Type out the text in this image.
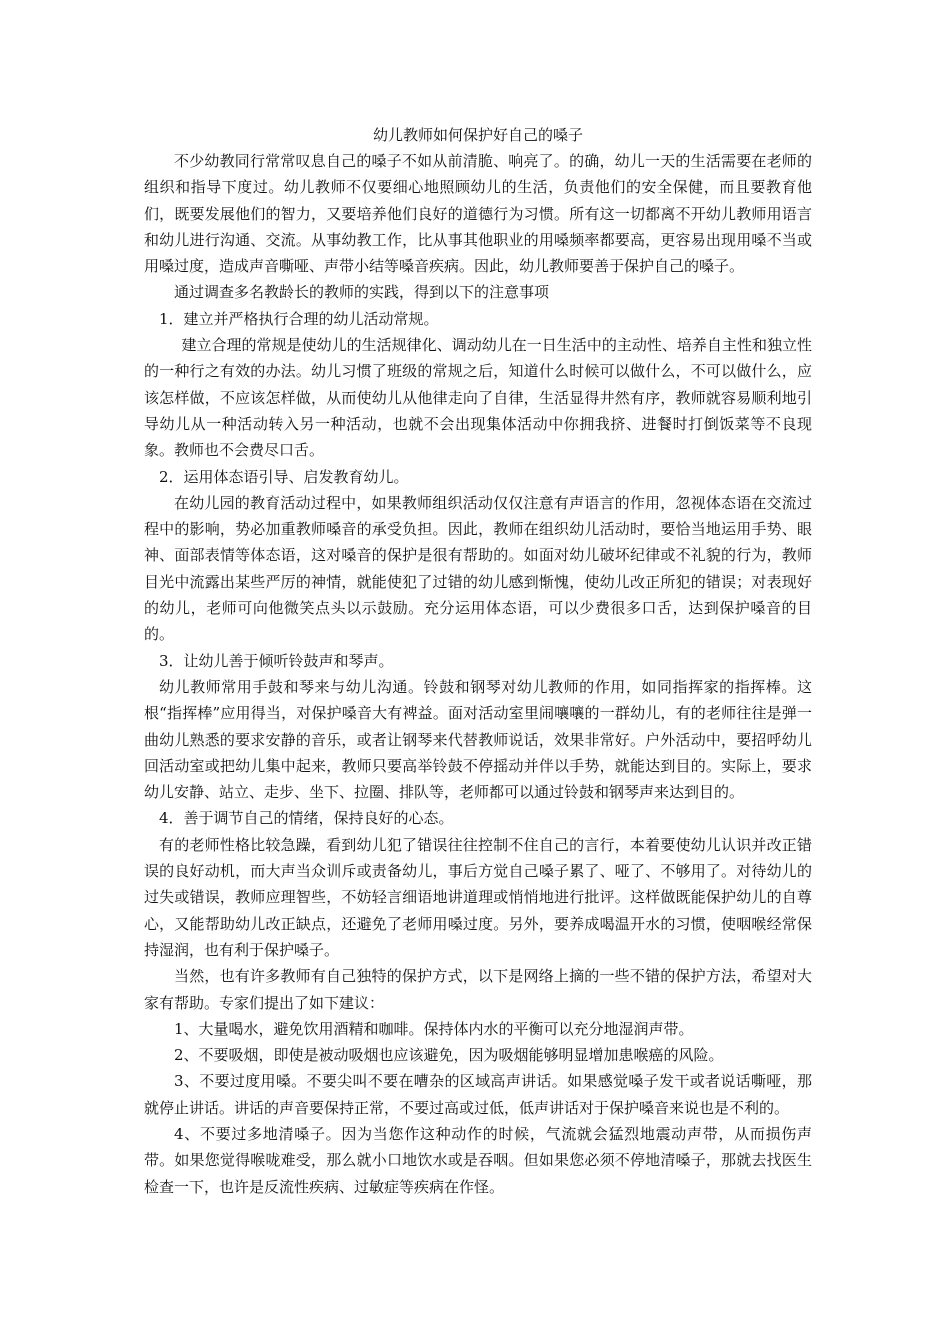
幼儿教师如何保护好自己的嗓子

不少幼教同行常常叹息自己的嗓子不如从前清脆、响亮了。的确，幼儿一天的生活需要在老师的组织和指导下度过。幼儿教师不仅要细心地照顾幼儿的生活，负责他们的安全保健，而且要教育他们，既要发展他们的智力，又要培养他们良好的道德行为习惯。所有这一切都离不开幼儿教师用语言和幼儿进行沟通、交流。从事幼教工作，比从事其他职业的用嗓频率都要高，更容易出现用嗓不当或用嗓过度，造成声音嘶哑、声带小结等嗓音疾病。因此，幼儿教师要善于保护自己的嗓子。

通过调查多名教龄长的教师的实践，得到以下的注意事项

1．建立并严格执行合理的幼儿活动常规。

建立合理的常规是使幼儿的生活规律化、调动幼儿在一日生活中的主动性、培养自主性和独立性的一种行之有效的办法。幼儿习惯了班级的常规之后，知道什么时候可以做什么，不可以做什么，应该怎样做，不应该怎样做，从而使幼儿从他律走向了自律，生活显得井然有序，教师就容易顺利地引导幼儿从一种活动转入另一种活动，也就不会出现集体活动中你拥我挤、进餐时打倒饭菜等不良现象。教师也不会费尽口舌。

2．运用体态语引导、启发教育幼儿。

在幼儿园的教育活动过程中，如果教师组织活动仅仅注意有声语言的作用，忽视体态语在交流过程中的影响，势必加重教师嗓音的承受负担。因此，教师在组织幼儿活动时，要恰当地运用手势、眼神、面部表情等体态语，这对嗓音的保护是很有帮助的。如面对幼儿破坏纪律或不礼貌的行为，教师目光中流露出某些严厉的神情，就能使犯了过错的幼儿感到惭愧，使幼儿改正所犯的错误；对表现好的幼儿，老师可向他微笑点头以示鼓励。充分运用体态语，可以少费很多口舌，达到保护嗓音的目的。

3．让幼儿善于倾听铃鼓声和琴声。

幼儿教师常用手鼓和琴来与幼儿沟通。铃鼓和钢琴对幼儿教师的作用，如同指挥家的指挥棒。这根“指挥棒”应用得当，对保护嗓音大有裨益。面对活动室里闹嚷嚷的一群幼儿，有的老师往往是弹一曲幼儿熟悉的要求安静的音乐，或者让钢琴来代替教师说话，效果非常好。户外活动中，要招呼幼儿回活动室或把幼儿集中起来，教师只要高举铃鼓不停摇动并伴以手势，就能达到目的。实际上，要求幼儿安静、站立、走步、坐下、拉圈、排队等，老师都可以通过铃鼓和钢琴声来达到目的。

4．善于调节自己的情绪，保持良好的心态。

有的老师性格比较急躁，看到幼儿犯了错误往往控制不住自己的言行，本着要使幼儿认识并改正错误的良好动机，而大声当众训斥或责备幼儿，事后方觉自己嗓子累了、哑了、不够用了。对待幼儿的过失或错误，教师应理智些，不妨轻言细语地讲道理或悄悄地进行批评。这样做既能保护幼儿的自尊心，又能帮助幼儿改正缺点，还避免了老师用嗓过度。另外，要养成喝温开水的习惯，使咽喉经常保持湿润，也有利于保护嗓子。

当然，也有许多教师有自己独特的保护方式，以下是网络上摘的一些不错的保护方法，希望对大家有帮助。专家们提出了如下建议：

1、大量喝水，避免饮用酒精和咖啡。保持体内水的平衡可以充分地湿润声带。

2、不要吸烟，即使是被动吸烟也应该避免，因为吸烟能够明显增加患喉癌的风险。

3、不要过度用嗓。不要尖叫不要在嘈杂的区域高声讲话。如果感觉嗓子发干或者说话嘶哑，那就停止讲话。讲话的声音要保持正常，不要过高或过低，低声讲话对于保护嗓音来说也是不利的。

4、不要过多地清嗓子。因为当您作这种动作的时候，气流就会猛烈地震动声带，从而损伤声带。如果您觉得喉咙难受，那么就小口地饮水或是吞咽。但如果您必须不停地清嗓子，那就去找医生检查一下，也许是反流性疾病、过敏症等疾病在作怪。
